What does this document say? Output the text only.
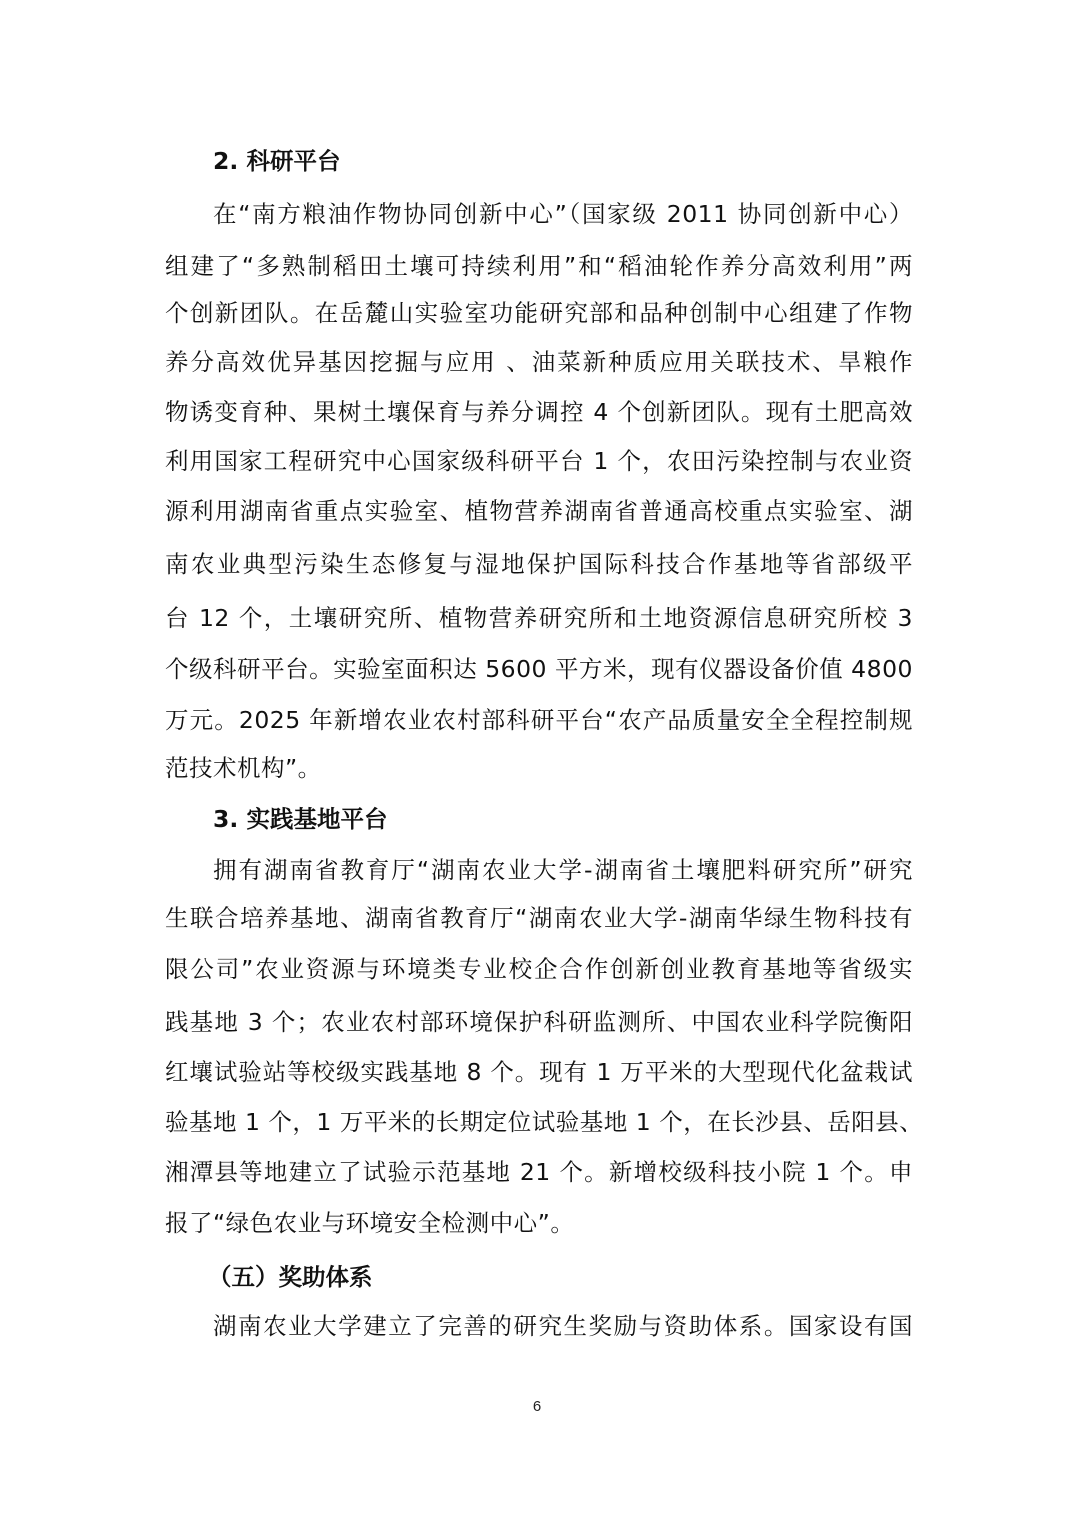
2. 科研平台
在“南方粮油作物协同创新中心”（国家级 2011 协同创新中心）
组建了“多熟制稻田土壤可持续利用”和“稻油轮作养分高效利用”两
个创新团队。在岳麓山实验室功能研究部和品种创制中心组建了作物
养分高效优异基因挖掘与应用 、油菜新种质应用关联技术、旱粮作
物诱变育种、果树土壤保育与养分调控 4 个创新团队。现有土肥高效
利用国家工程研究中心国家级科研平台 1 个，农田污染控制与农业资
源利用湖南省重点实验室、植物营养湖南省普通高校重点实验室、湖
南农业典型污染生态修复与湿地保护国际科技合作基地等省部级平
台 12 个，土壤研究所、植物营养研究所和土地资源信息研究所校 3
个级科研平台。实验室面积达 5600 平方米，现有仪器设备价值 4800
万元。2025 年新增农业农村部科研平台“农产品质量安全全程控制规
范技术机构”。
3. 实践基地平台
拥有湖南省教育厅“湖南农业大学-湖南省土壤肥料研究所”研究
生联合培养基地、湖南省教育厅“湖南农业大学-湖南华绿生物科技有
限公司”农业资源与环境类专业校企合作创新创业教育基地等省级实
践基地 3 个；农业农村部环境保护科研监测所、中国农业科学院衡阳
红壤试验站等校级实践基地 8 个。现有 1 万平米的大型现代化盆栽试
验基地 1 个，1 万平米的长期定位试验基地 1 个，在长沙县、岳阳县、
湘潭县等地建立了试验示范基地 21 个。新增校级科技小院 1 个。申
报了“绿色农业与环境安全检测中心”。
（五）奖助体系
湖南农业大学建立了完善的研究生奖励与资助体系。国家设有国
6
